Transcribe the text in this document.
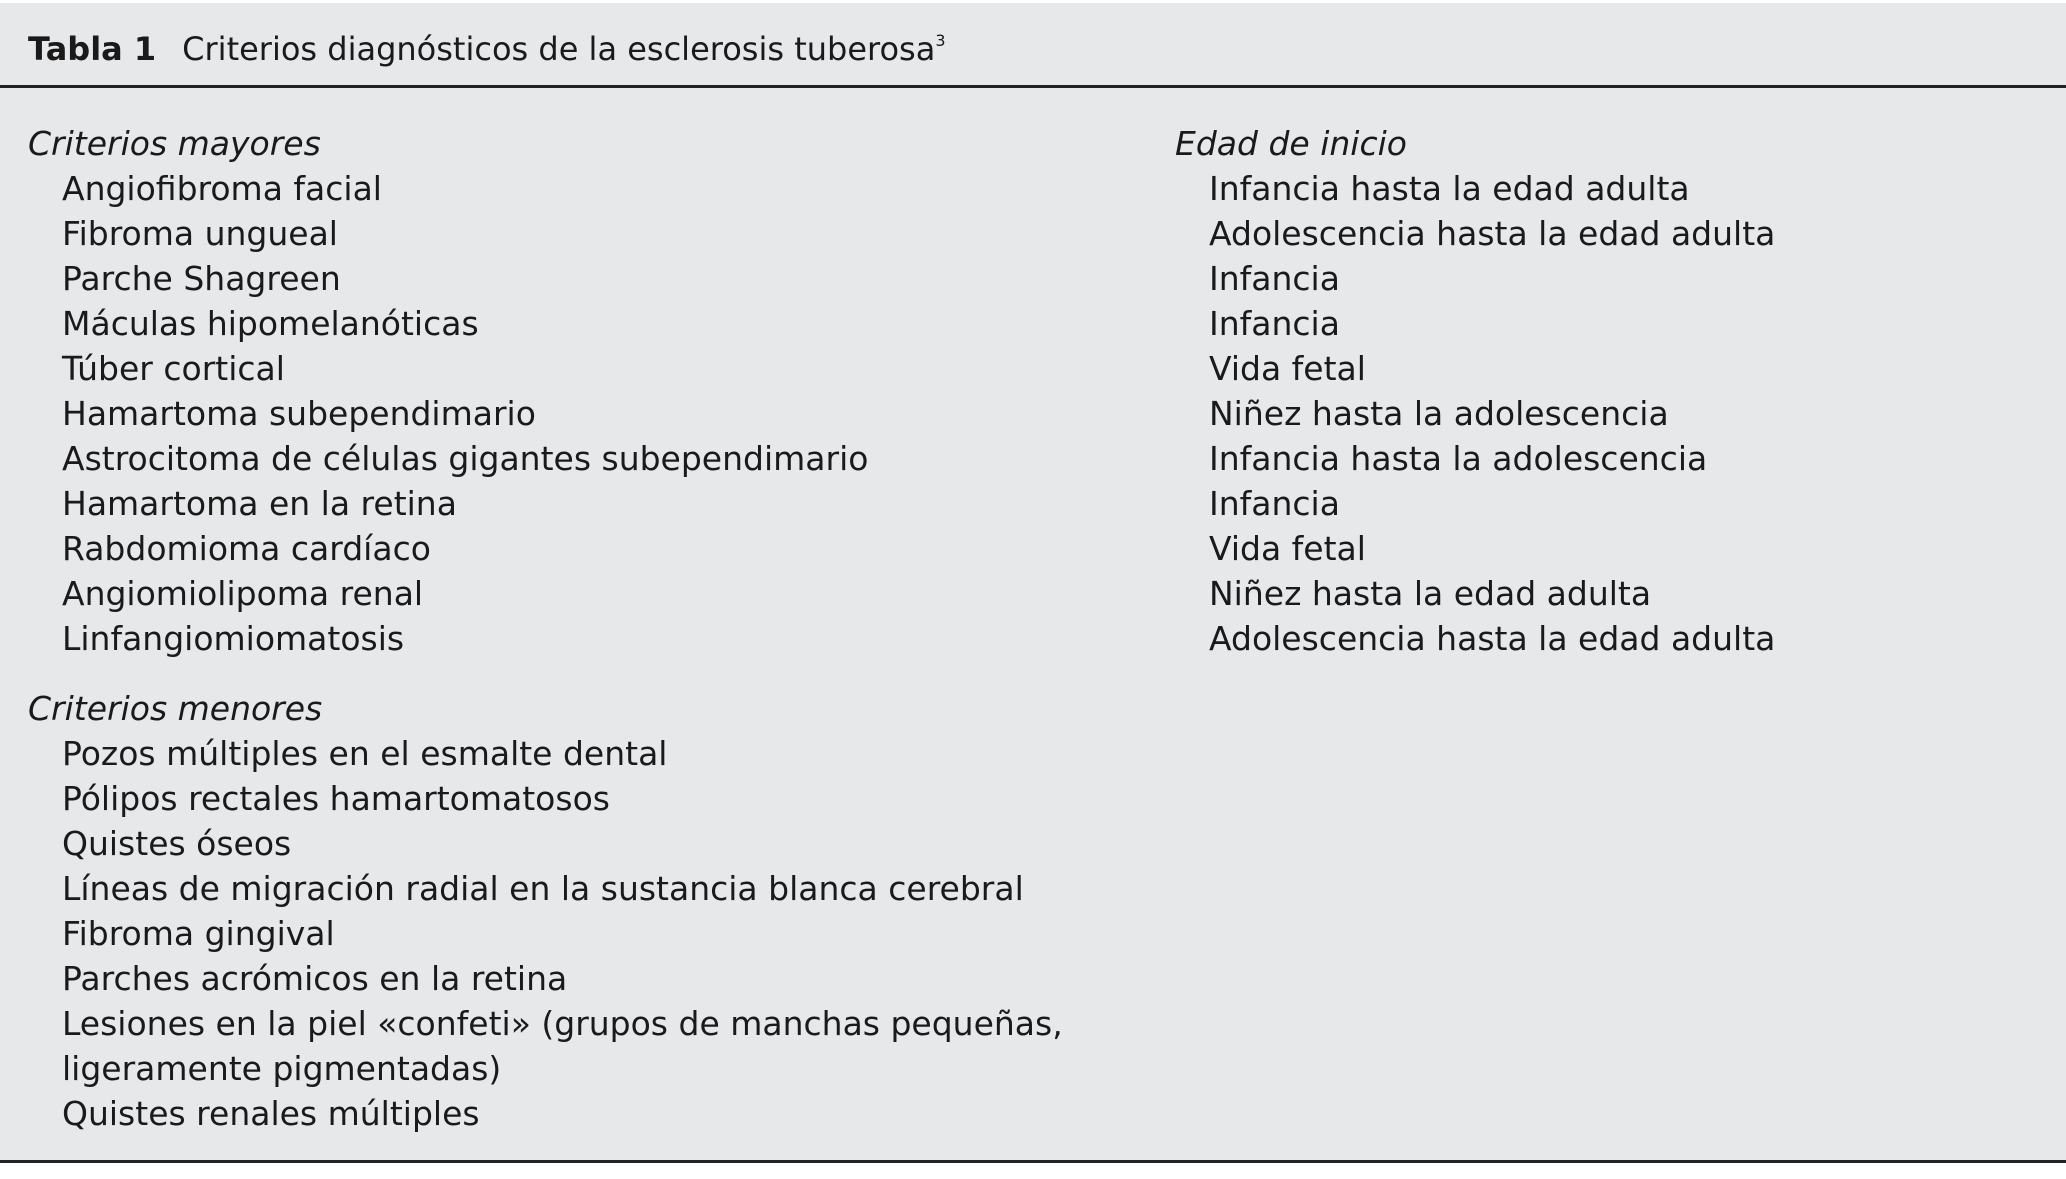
Tabla 1 Criterios diagnósticos de la esclerosis tuberosa$^3$
Criterios mayores
Angiofibroma facial
Fibroma ungueal
Parche Shagreen
Máculas hipomelanóticas
Túber cortical
Hamartoma subependimario
Astrocitoma de células gigantes subependimario
Hamartoma en la retina
Rabdomioma cardíaco
Angiomiolipoma renal
Linfangiomiomatosis
Criterios menores
Pozos múltiples en el esmalte dental
Pólipos rectales hamartomatosos
Quistes óseos
Líneas de migración radial en la sustancia blanca cerebral
Fibroma gingival
Parches acrómicos en la retina
Lesiones en la piel «confeti» (grupos de manchas pequeñas,
ligeramente pigmentadas)
Quistes renales múltiples
Edad de inicio
Infancia hasta la edad adulta
Adolescencia hasta la edad adulta
Infancia
Infancia
Vida fetal
Niñez hasta la adolescencia
Infancia hasta la adolescencia
Infancia
Vida fetal
Niñez hasta la edad adulta
Adolescencia hasta la edad adulta
